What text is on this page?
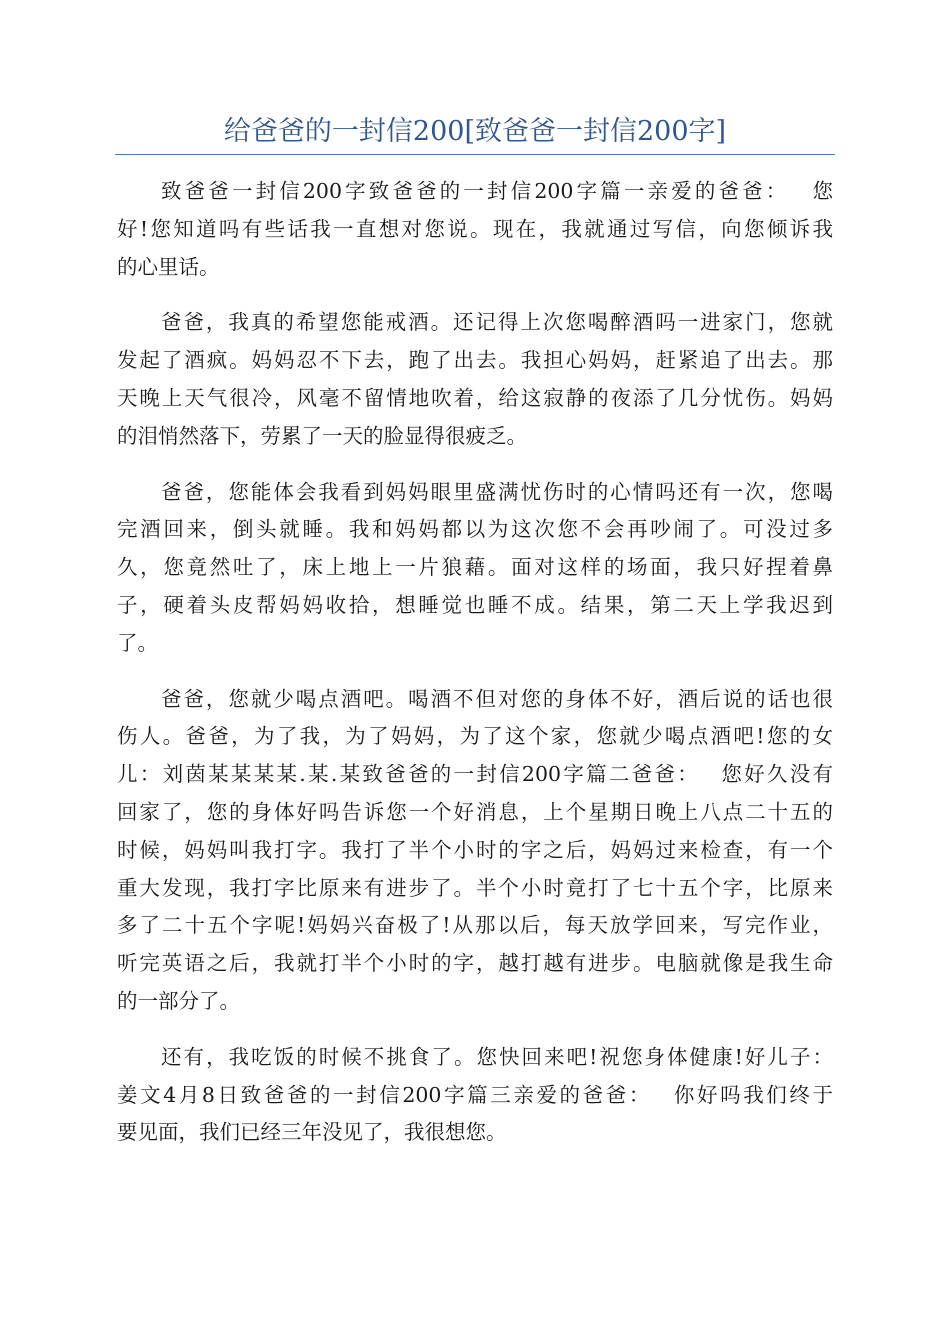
给爸爸的一封信200[致爸爸一封信200字]
致爸爸一封信200字致爸爸的一封信200字篇一亲爱的爸爸：　 您
好!您知道吗有些话我一直想对您说。现在，我就通过写信，向您倾诉我
的心里话。
爸爸，我真的希望您能戒酒。还记得上次您喝醉酒吗一进家门，您就
发起了酒疯。妈妈忍不下去，跑了出去。我担心妈妈，赶紧追了出去。那
天晚上天气很冷，风毫不留情地吹着，给这寂静的夜添了几分忧伤。妈妈
的泪悄然落下，劳累了一天的脸显得很疲乏。
爸爸，您能体会我看到妈妈眼里盛满忧伤时的心情吗还有一次，您喝
完酒回来，倒头就睡。我和妈妈都以为这次您不会再吵闹了。可没过多
久，您竟然吐了，床上地上一片狼藉。面对这样的场面，我只好捏着鼻
子，硬着头皮帮妈妈收拾，想睡觉也睡不成。结果，第二天上学我迟到
了。
爸爸，您就少喝点酒吧。喝酒不但对您的身体不好，酒后说的话也很
伤人。爸爸，为了我，为了妈妈，为了这个家，您就少喝点酒吧!您的女
儿：刘茵某某某某.某.某致爸爸的一封信200字篇二爸爸：　 您好久没有
回家了，您的身体好吗告诉您一个好消息，上个星期日晚上八点二十五的
时候，妈妈叫我打字。我打了半个小时的字之后，妈妈过来检查，有一个
重大发现，我打字比原来有进步了。半个小时竟打了七十五个字，比原来
多了二十五个字呢!妈妈兴奋极了!从那以后，每天放学回来，写完作业，
听完英语之后，我就打半个小时的字，越打越有进步。电脑就像是我生命
的一部分了。
还有，我吃饭的时候不挑食了。您快回来吧!祝您身体健康!好儿子：
姜文4月8日致爸爸的一封信200字篇三亲爱的爸爸：　 你好吗我们终于
要见面，我们已经三年没见了，我很想您。
